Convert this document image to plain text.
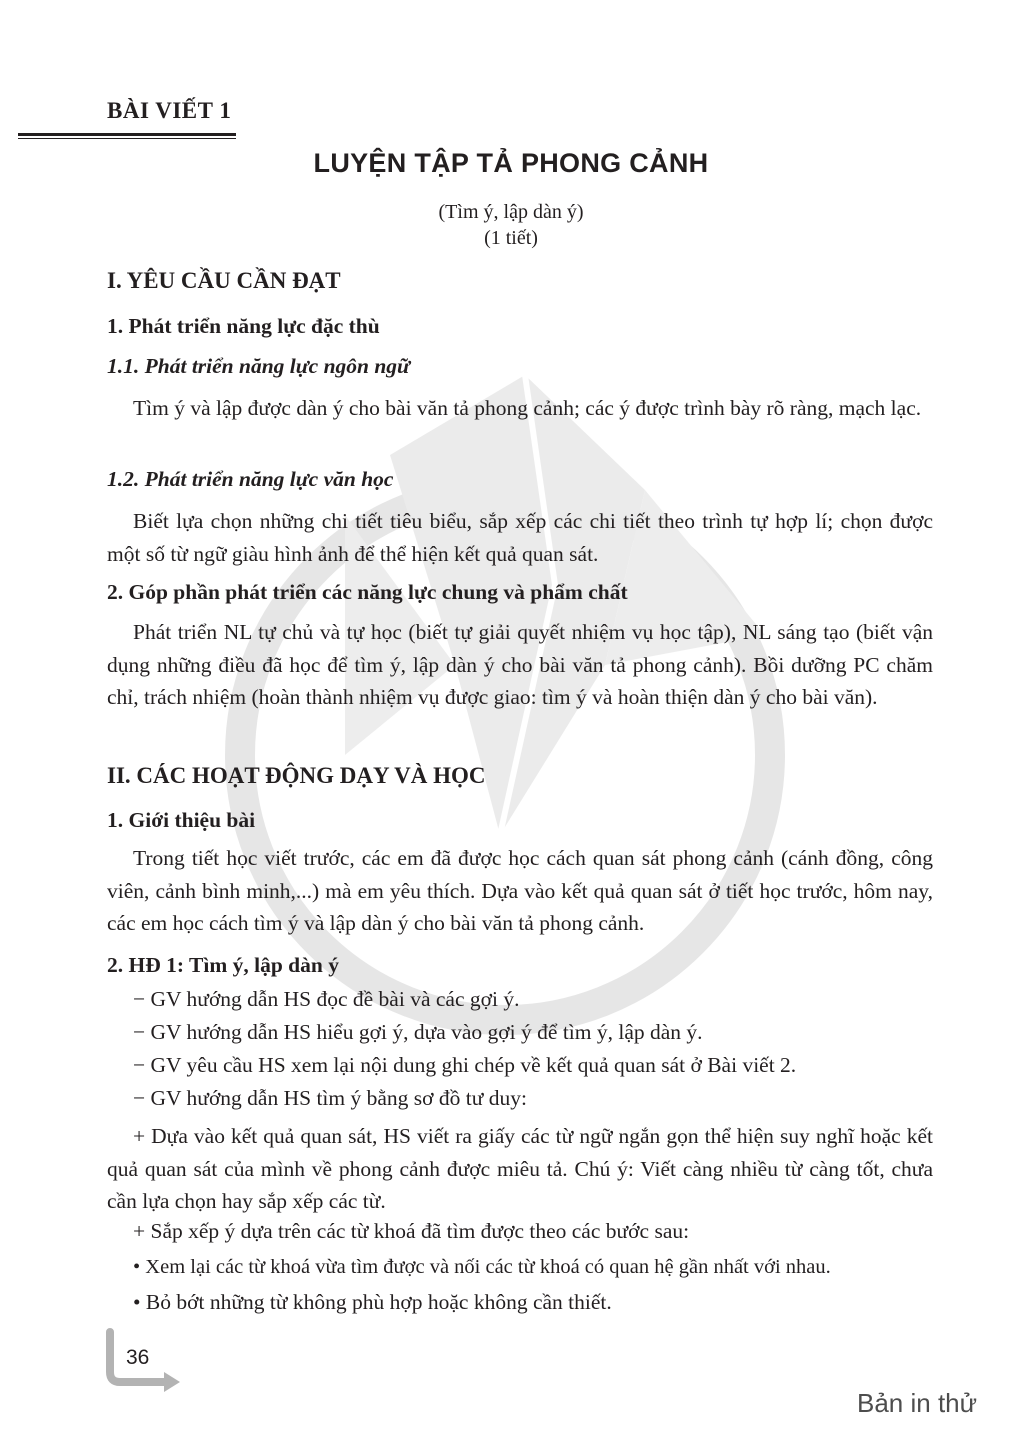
BÀI VIẾT 1
LUYỆN TẬP TẢ PHONG CẢNH
(Tìm ý, lập dàn ý)
(1 tiết)
I. YÊU CẦU CẦN ĐẠT
1. Phát triển năng lực đặc thù
1.1. Phát triển năng lực ngôn ngữ
Tìm ý và lập được dàn ý cho bài văn tả phong cảnh; các ý được trình bày rõ ràng, mạch lạc.
1.2. Phát triển năng lực văn học
Biết lựa chọn những chi tiết tiêu biểu, sắp xếp các chi tiết theo trình tự hợp lí; chọn được một số từ ngữ giàu hình ảnh để thể hiện kết quả quan sát.
2. Góp phần phát triển các năng lực chung và phẩm chất
Phát triển NL tự chủ và tự học (biết tự giải quyết nhiệm vụ học tập), NL sáng tạo (biết vận dụng những điều đã học để tìm ý, lập dàn ý cho bài văn tả phong cảnh). Bồi dưỡng PC chăm chỉ, trách nhiệm (hoàn thành nhiệm vụ được giao: tìm ý và hoàn thiện dàn ý cho bài văn).
II. CÁC HOẠT ĐỘNG DẠY VÀ HỌC
1. Giới thiệu bài
Trong tiết học viết trước, các em đã được học cách quan sát phong cảnh (cánh đồng, công viên, cảnh bình minh,...) mà em yêu thích. Dựa vào kết quả quan sát ở tiết học trước, hôm nay, các em học cách tìm ý và lập dàn ý cho bài văn tả phong cảnh.
2. HĐ 1: Tìm ý, lập dàn ý
− GV hướng dẫn HS đọc đề bài và các gợi ý.
− GV hướng dẫn HS hiểu gợi ý, dựa vào gợi ý để tìm ý, lập dàn ý.
− GV yêu cầu HS xem lại nội dung ghi chép về kết quả quan sát ở Bài viết 2.
− GV hướng dẫn HS tìm ý bằng sơ đồ tư duy:
+ Dựa vào kết quả quan sát, HS viết ra giấy các từ ngữ ngắn gọn thể hiện suy nghĩ hoặc kết quả quan sát của mình về phong cảnh được miêu tả. Chú ý: Viết càng nhiều từ càng tốt, chưa cần lựa chọn hay sắp xếp các từ.
+ Sắp xếp ý dựa trên các từ khoá đã tìm được theo các bước sau:
• Xem lại các từ khoá vừa tìm được và nối các từ khoá có quan hệ gần nhất với nhau.
• Bỏ bớt những từ không phù hợp hoặc không cần thiết.
36
Bản in thử
